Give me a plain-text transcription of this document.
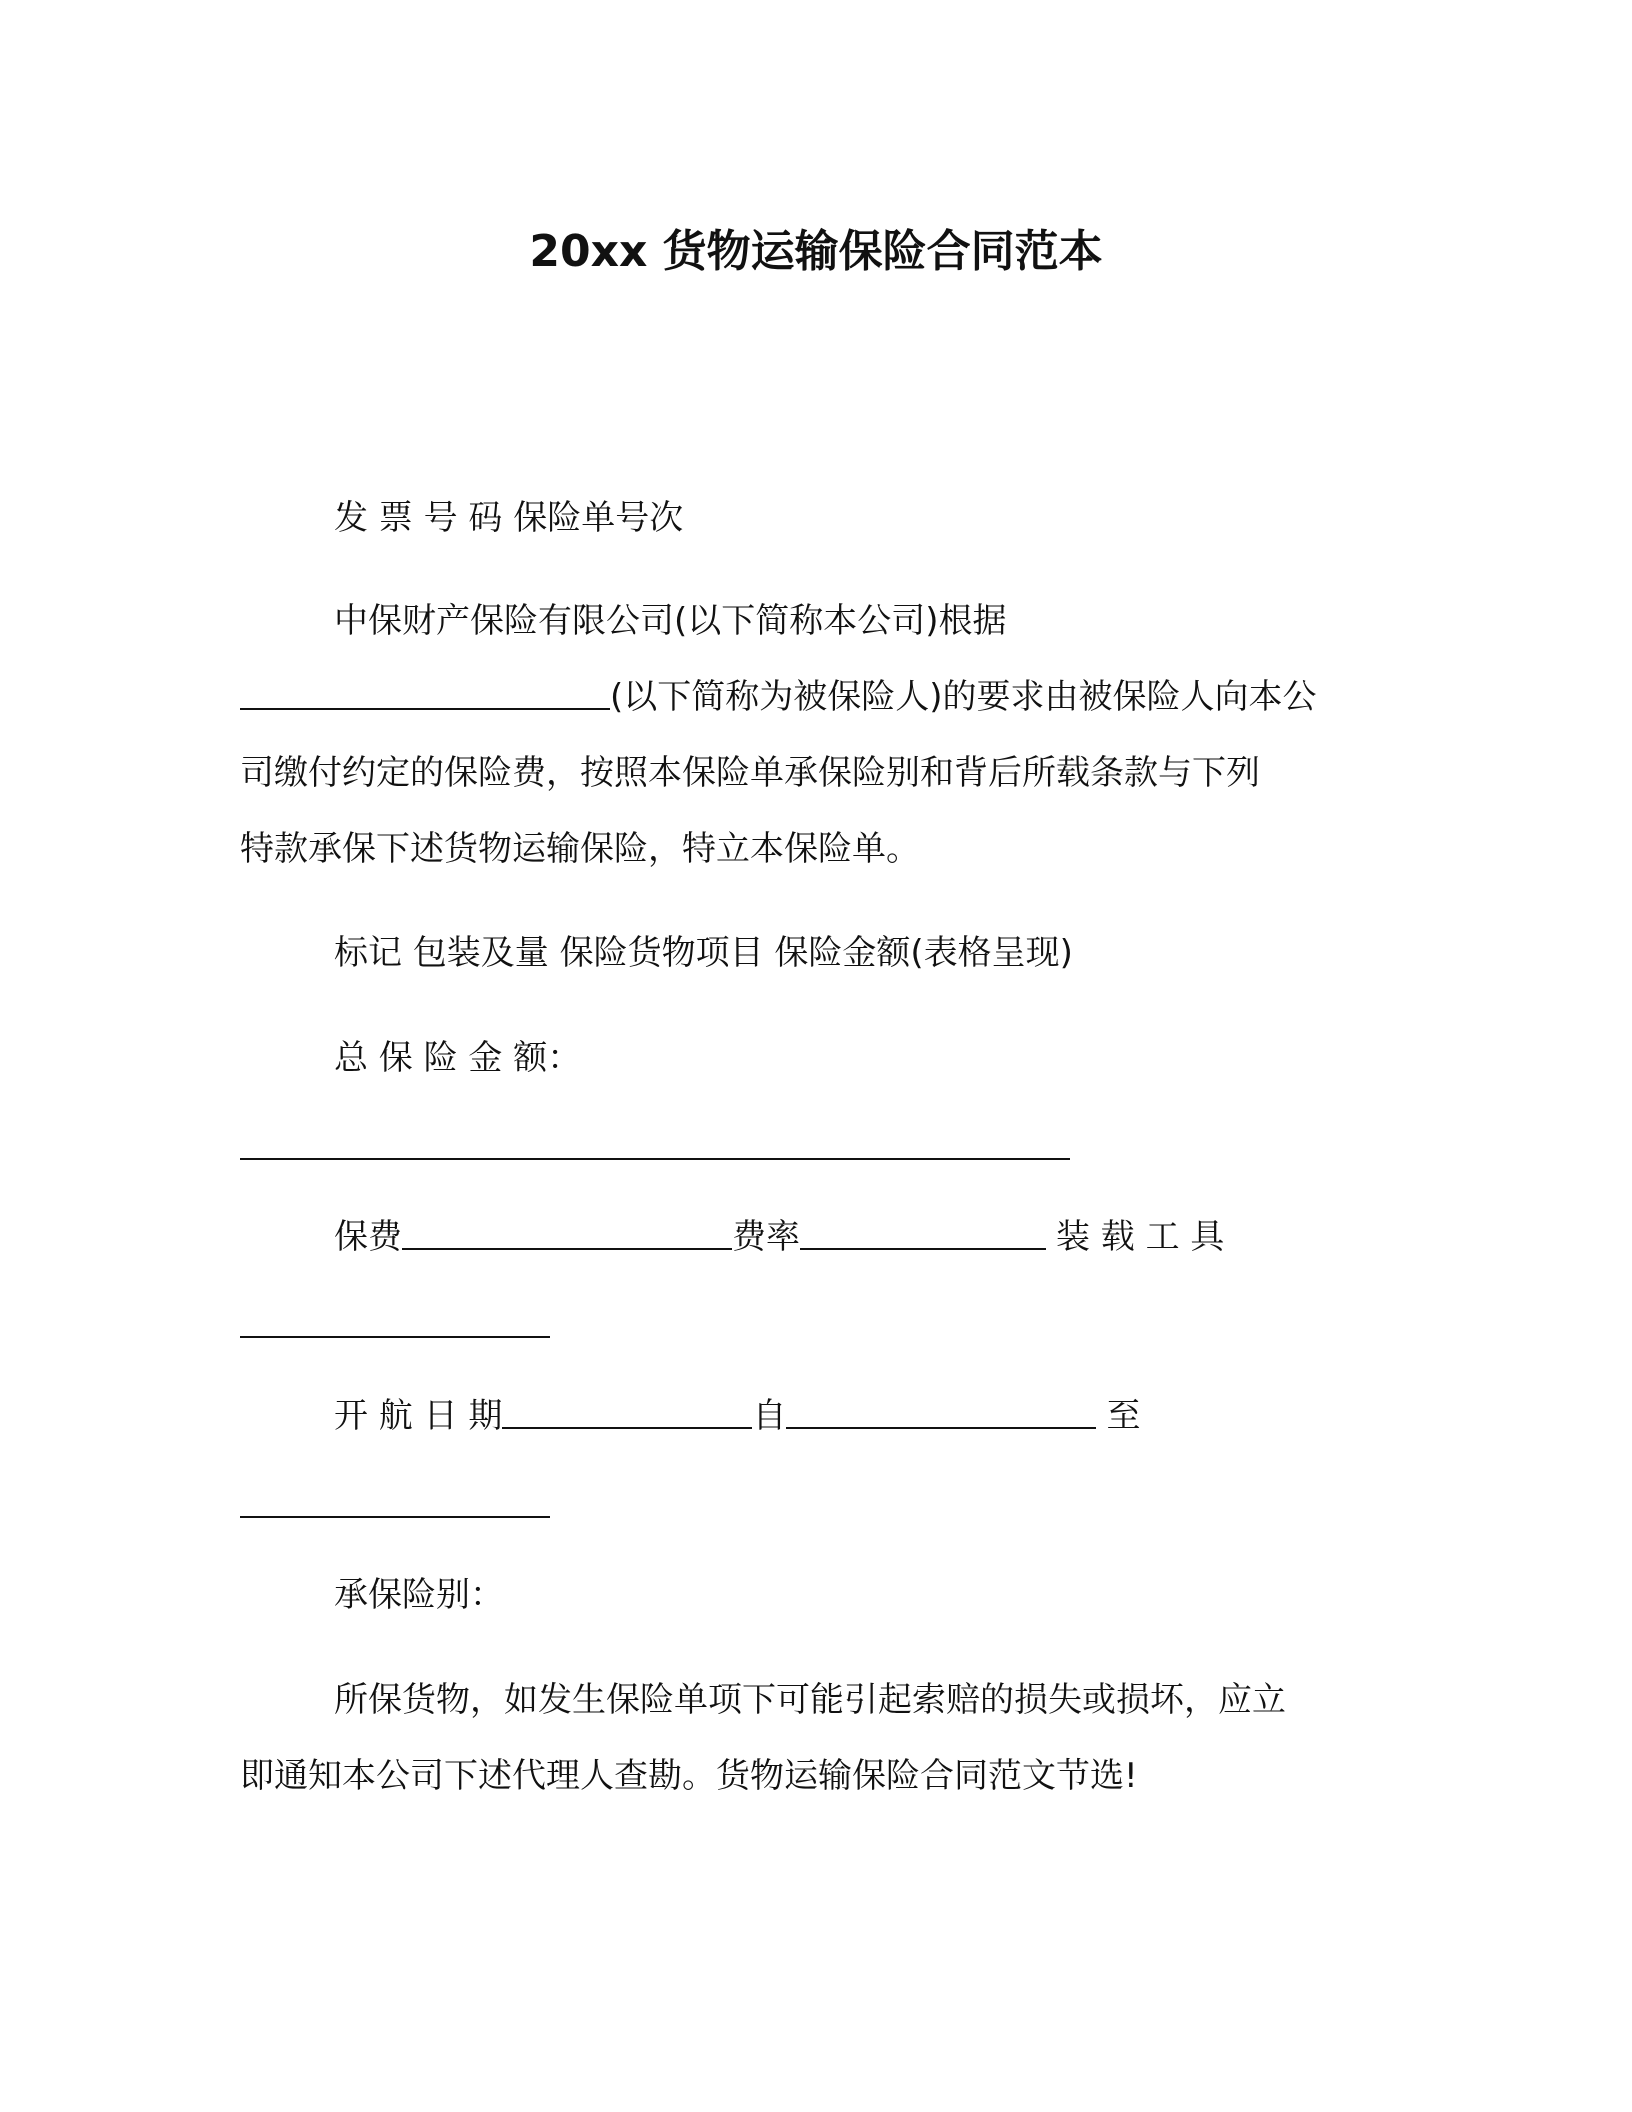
20xx 货物运输保险合同范本

发 票 号 码 保险单号次

中保财产保险有限公司(以下简称本公司)根据

(以下简称为被保险人)的要求由被保险人向本公

司缴付约定的保险费，按照本保险单承保险别和背后所载条款与下列

特款承保下述货物运输保险，特立本保险单。

标记 包装及量 保险货物项目 保险金额(表格呈现)

总 保 险 金 额：

保费	费率	装 载 工 具

开 航 日 期	自	至

承保险别：

所保货物，如发生保险单项下可能引起索赔的损失或损坏，应立

即通知本公司下述代理人查勘。货物运输保险合同范文节选!
